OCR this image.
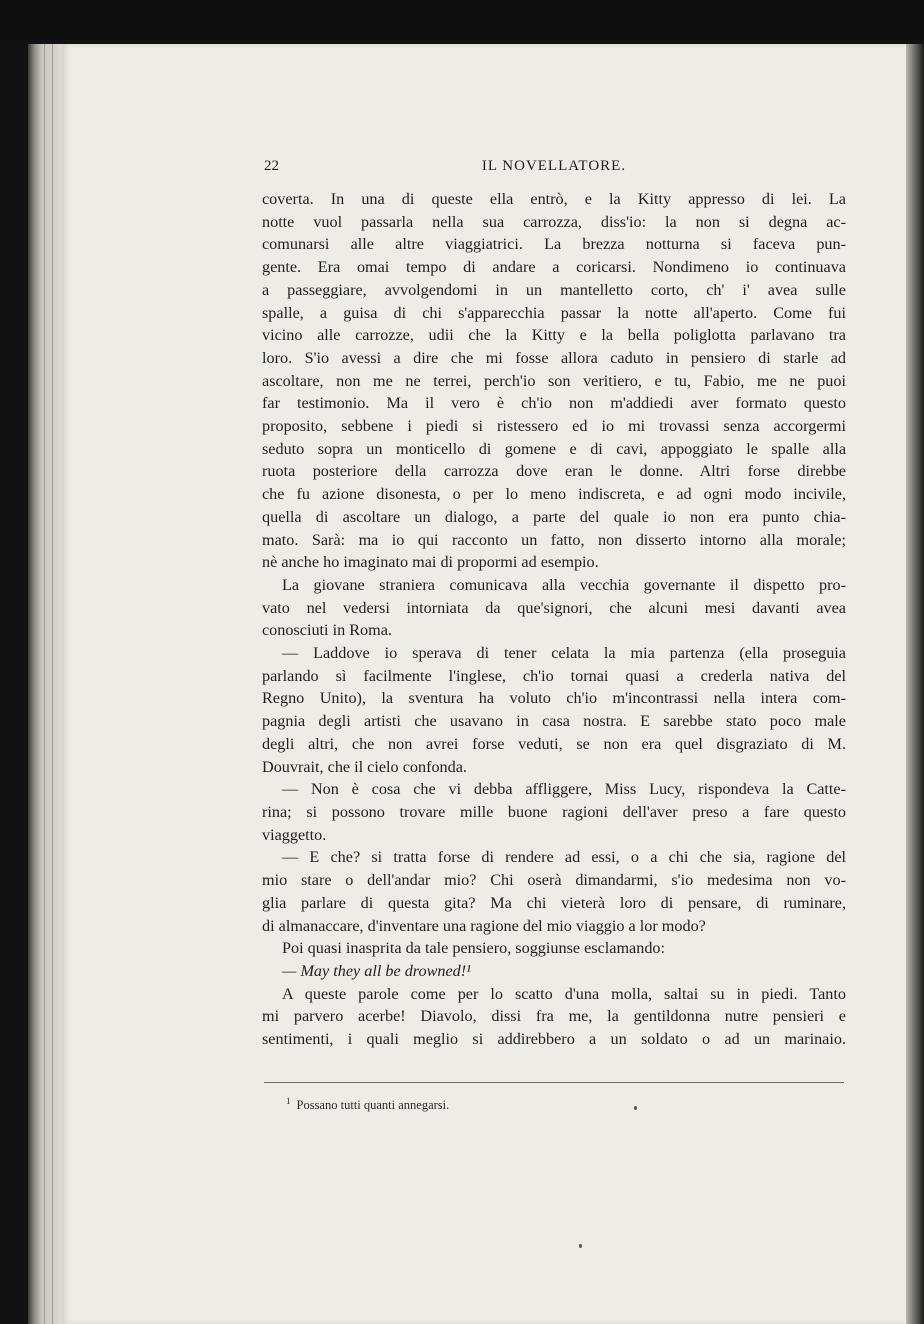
22	IL NOVELLATORE.
coverta. In una di queste ella entrò, e la Kitty appresso di lei. La
notte vuol passarla nella sua carrozza, diss'io: la non si degna ac-
comunarsi alle altre viaggiatrici. La brezza notturna si faceva pun-
gente. Era omai tempo di andare a coricarsi. Nondimeno io continuava
a passeggiare, avvolgendomi in un mantelletto corto, ch' i' avea sulle
spalle, a guisa di chi s'apparecchia passar la notte all'aperto. Come fui
vicino alle carrozze, udii che la Kitty e la bella poliglotta parlavano tra
loro. S'io avessi a dire che mi fosse allora caduto in pensiero di starle ad
ascoltare, non me ne terrei, perch'io son veritiero, e tu, Fabio, me ne puoi
far testimonio. Ma il vero è ch'io non m'addiedi aver formato questo
proposito, sebbene i piedi si ristessero ed io mi trovassi senza accorgermi
seduto sopra un monticello di gomene e di cavi, appoggiato le spalle alla
ruota posteriore della carrozza dove eran le donne. Altri forse direbbe
che fu azione disonesta, o per lo meno indiscreta, e ad ogni modo incivile,
quella di ascoltare un dialogo, a parte del quale io non era punto chia-
mato. Sarà: ma io qui racconto un fatto, non disserto intorno alla morale;
nè anche ho imaginato mai di propormi ad esempio.
La giovane straniera comunicava alla vecchia governante il dispetto pro-
vato nel vedersi intorniata da que'signori, che alcuni mesi davanti avea
conosciuti in Roma.
— Laddove io sperava di tener celata la mia partenza (ella proseguia
parlando sì facilmente l'inglese, ch'io tornai quasi a crederla nativa del
Regno Unito), la sventura ha voluto ch'io m'incontrassi nella intera com-
pagnia degli artisti che usavano in casa nostra. E sarebbe stato poco male
degli altri, che non avrei forse veduti, se non era quel disgraziato di M.
Douvrait, che il cielo confonda.
— Non è cosa che vi debba affliggere, Miss Lucy, rispondeva la Catte-
rina; si possono trovare mille buone ragioni dell'aver preso a fare questo
viaggetto.
— E che? si tratta forse di rendere ad essi, o a chi che sia, ragione del
mio stare o dell'andar mio? Chi oserà dimandarmi, s'io medesima non vo-
glia parlare di questa gita? Ma chi vieterà loro di pensare, di ruminare,
di almanaccare, d'inventare una ragione del mio viaggio a lor modo?
Poi quasi inasprita da tale pensiero, soggiunse esclamando:
— May they all be drowned!¹
A queste parole come per lo scatto d'una molla, saltai su in piedi. Tanto
mi parvero acerbe! Diavolo, dissi fra me, la gentildonna nutre pensieri e
sentimenti, i quali meglio si addirebbero a un soldato o ad un marinaio.
$^1$ Possano tutti quanti annegarsi.
